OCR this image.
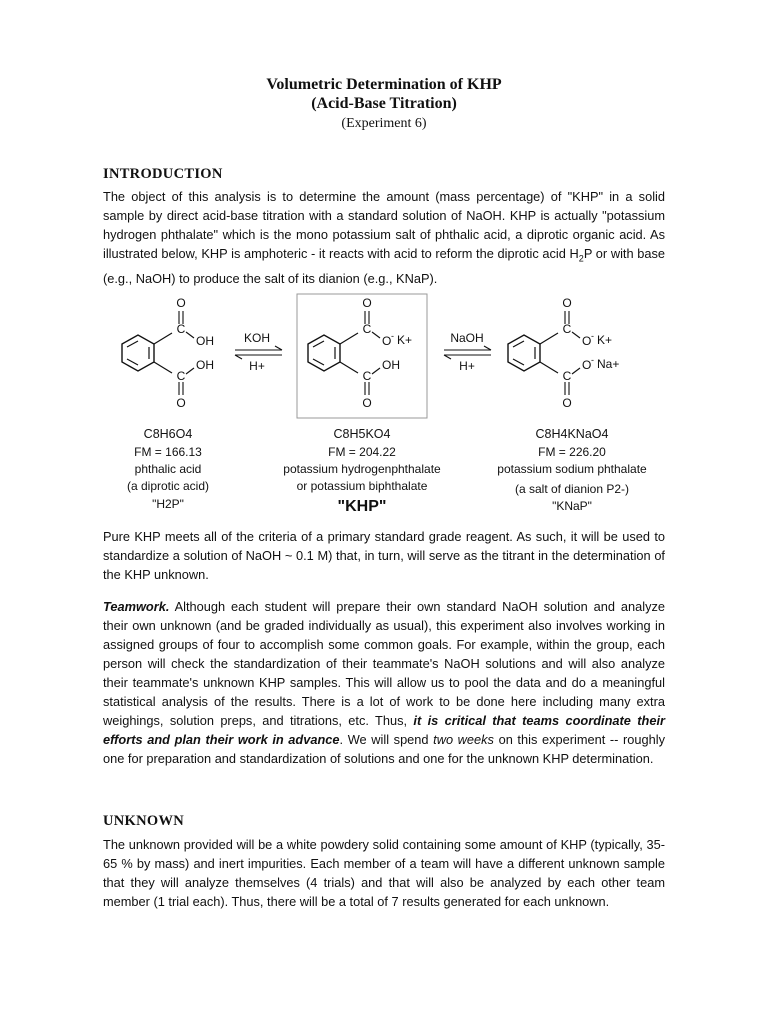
Volumetric Determination of KHP
(Acid-Base Titration)
(Experiment 6)
INTRODUCTION
The object of this analysis is to determine the amount (mass percentage) of "KHP" in a solid sample by direct acid-base titration with a standard solution of NaOH. KHP is actually "potassium hydrogen phthalate" which is the mono potassium salt of phthalic acid, a diprotic organic acid. As illustrated below, KHP is amphoteric - it reacts with acid to reform the diprotic acid $H_2P$ or with base (e.g., NaOH) to produce the salt of its dianion (e.g., KNaP).
O
C
OH
OH
C
O
KOH
H+
O
C
O - K+
OH
C
O
NaOH
H+
O
C
O - K+
O - Na+
C
O
C8H6O4
FM = 166.13
phthalic acid
(a diprotic acid)
"H2P"
C8H5KO4
FM = 204.22
potassium hydrogenphthalate
or potassium biphthalate
"KHP"
C8H4KNaO4
FM = 226.20
potassium sodium phthalate
(a salt of dianion P2-)
"KNaP"
Pure KHP meets all of the criteria of a primary standard grade reagent. As such, it will be used to standardize a solution of NaOH ~ 0.1 M) that, in turn, will serve as the titrant in the determination of the KHP unknown.
Teamwork. Although each student will prepare their own standard NaOH solution and analyze their own unknown (and be graded individually as usual), this experiment also involves working in assigned groups of four to accomplish some common goals. For example, within the group, each person will check the standardization of their teammate's NaOH solutions and will also analyze their teammate's unknown KHP samples. This will allow us to pool the data and do a meaningful statistical analysis of the results. There is a lot of work to be done here including many extra weighings, solution preps, and titrations, etc. Thus, it is critical that teams coordinate their efforts and plan their work in advance. We will spend two weeks on this experiment -- roughly one for preparation and standardization of solutions and one for the unknown KHP determination.
UNKNOWN
The unknown provided will be a white powdery solid containing some amount of KHP (typically, 35-65 % by mass) and inert impurities. Each member of a team will have a different unknown sample that they will analyze themselves (4 trials) and that will also be analyzed by each other team member (1 trial each). Thus, there will be a total of 7 results generated for each unknown.
